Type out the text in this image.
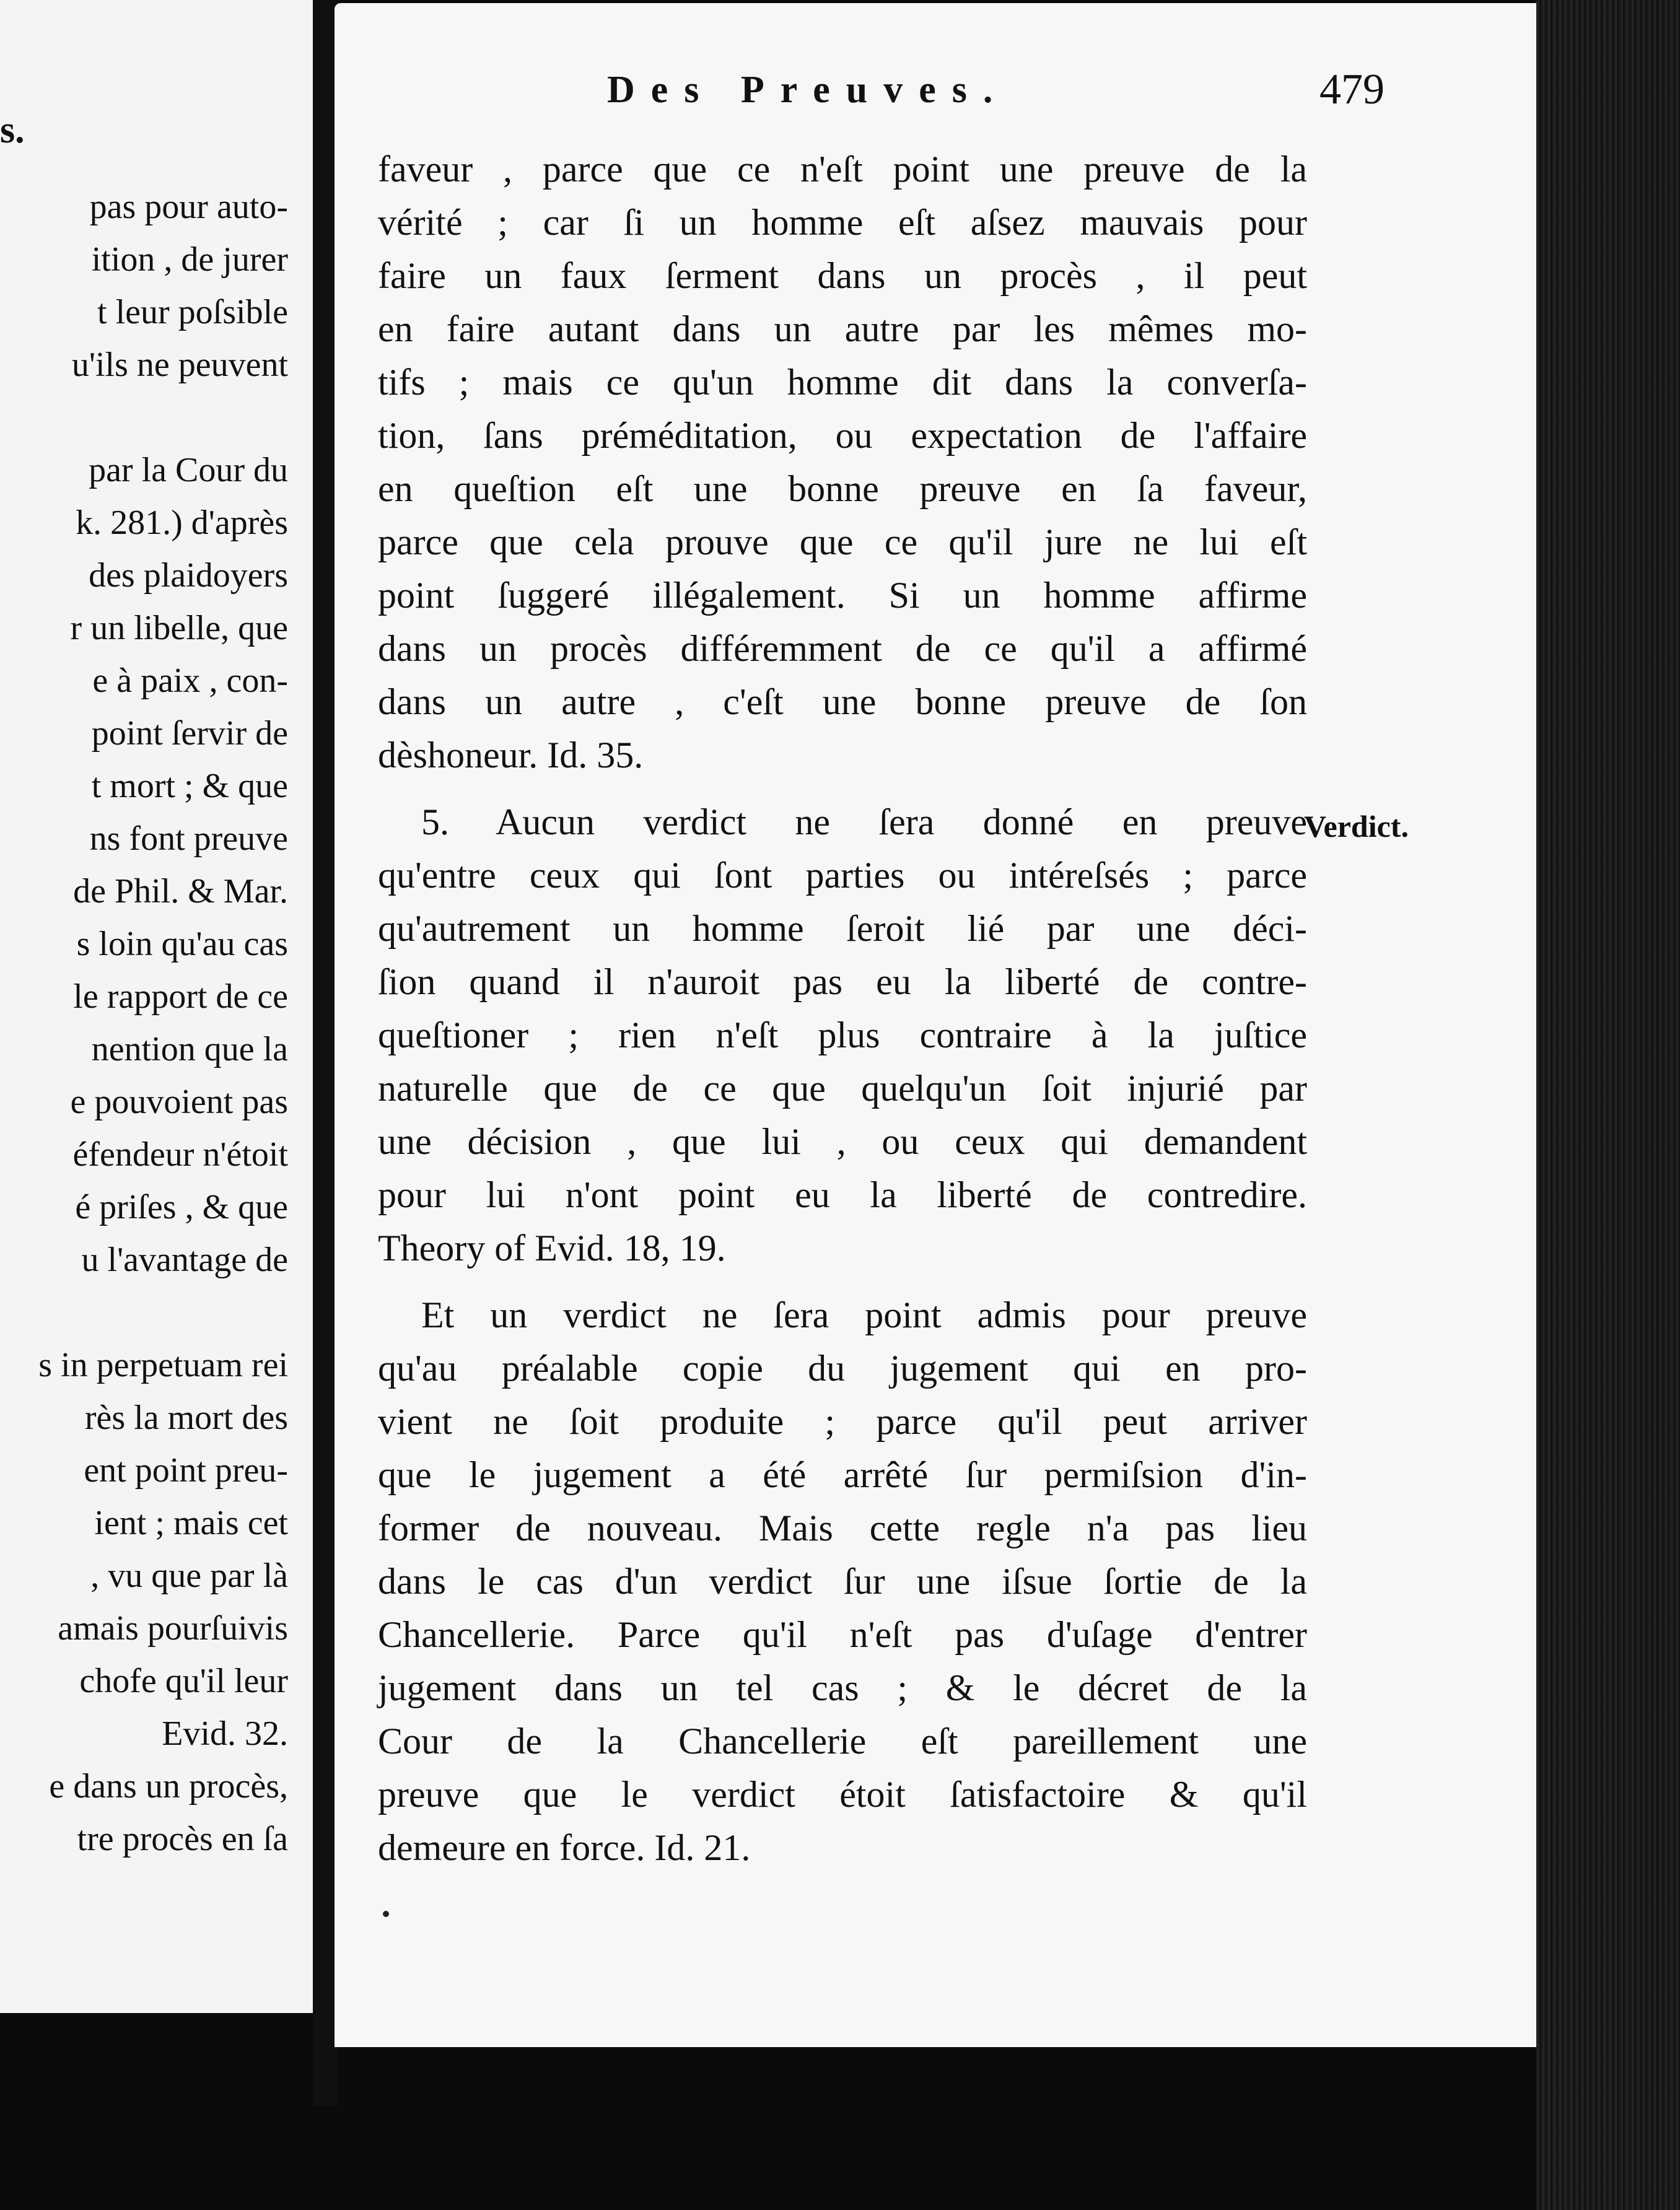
s.
pas pour auto-
ition , de jurer
t leur poſsible
u'ils ne peuvent
par la Cour du
k. 281.) d'après
des plaidoyers
r un libelle, que
e à paix , con-
point ſervir de
t mort ; & que
ns font preuve
de Phil. & Mar.
s loin qu'au cas
le rapport de ce
nention que la
e pouvoient pas
éfendeur n'étoit
é priſes , & que
u l'avantage de
s in perpetuam rei
rès la mort des
ent point preu-
ient ; mais cet
, vu que par là
amais pourſuivis
chofe qu'il leur
Evid. 32.
e dans un procès,
tre procès en ſa
Des Preuves.	479
faveur , parce que ce n'eſt point une preuve de la
vérité ; car ſi un homme eſt aſsez mauvais pour
faire un faux ſerment dans un procès , il peut
en faire autant dans un autre par les mêmes mo-
tifs ; mais ce qu'un homme dit dans la converſa-
tion, ſans préméditation, ou expectation de l'affaire
en queſtion eſt une bonne preuve en ſa faveur,
parce que cela prouve que ce qu'il jure ne lui eſt
point ſuggeré illégalement. Si un homme affirme
dans un procès différemment de ce qu'il a affirmé
dans un autre , c'eſt une bonne preuve de ſon
dèshoneur. Id. 35.
5. Aucun verdict ne ſera donné en preuve
qu'entre ceux qui ſont parties ou intéreſsés ; parce
qu'autrement un homme ſeroit lié par une déci-
ſion quand il n'auroit pas eu la liberté de contre-
queſtioner ; rien n'eſt plus contraire à la juſtice
naturelle que de ce que quelqu'un ſoit injurié par
une décision , que lui , ou ceux qui demandent
pour lui n'ont point eu la liberté de contredire.
Theory of Evid. 18, 19.
Et un verdict ne ſera point admis pour preuve
qu'au préalable copie du jugement qui en pro-
vient ne ſoit produite ; parce qu'il peut arriver
que le jugement a été arrêté ſur permiſsion d'in-
former de nouveau. Mais cette regle n'a pas lieu
dans le cas d'un verdict ſur une iſsue ſortie de la
Chancellerie. Parce qu'il n'eſt pas d'uſage d'entrer
jugement dans un tel cas ; & le décret de la
Cour de la Chancellerie eſt pareillement une
preuve que le verdict étoit ſatisfactoire & qu'il
demeure en force. Id. 21.
Verdict.
